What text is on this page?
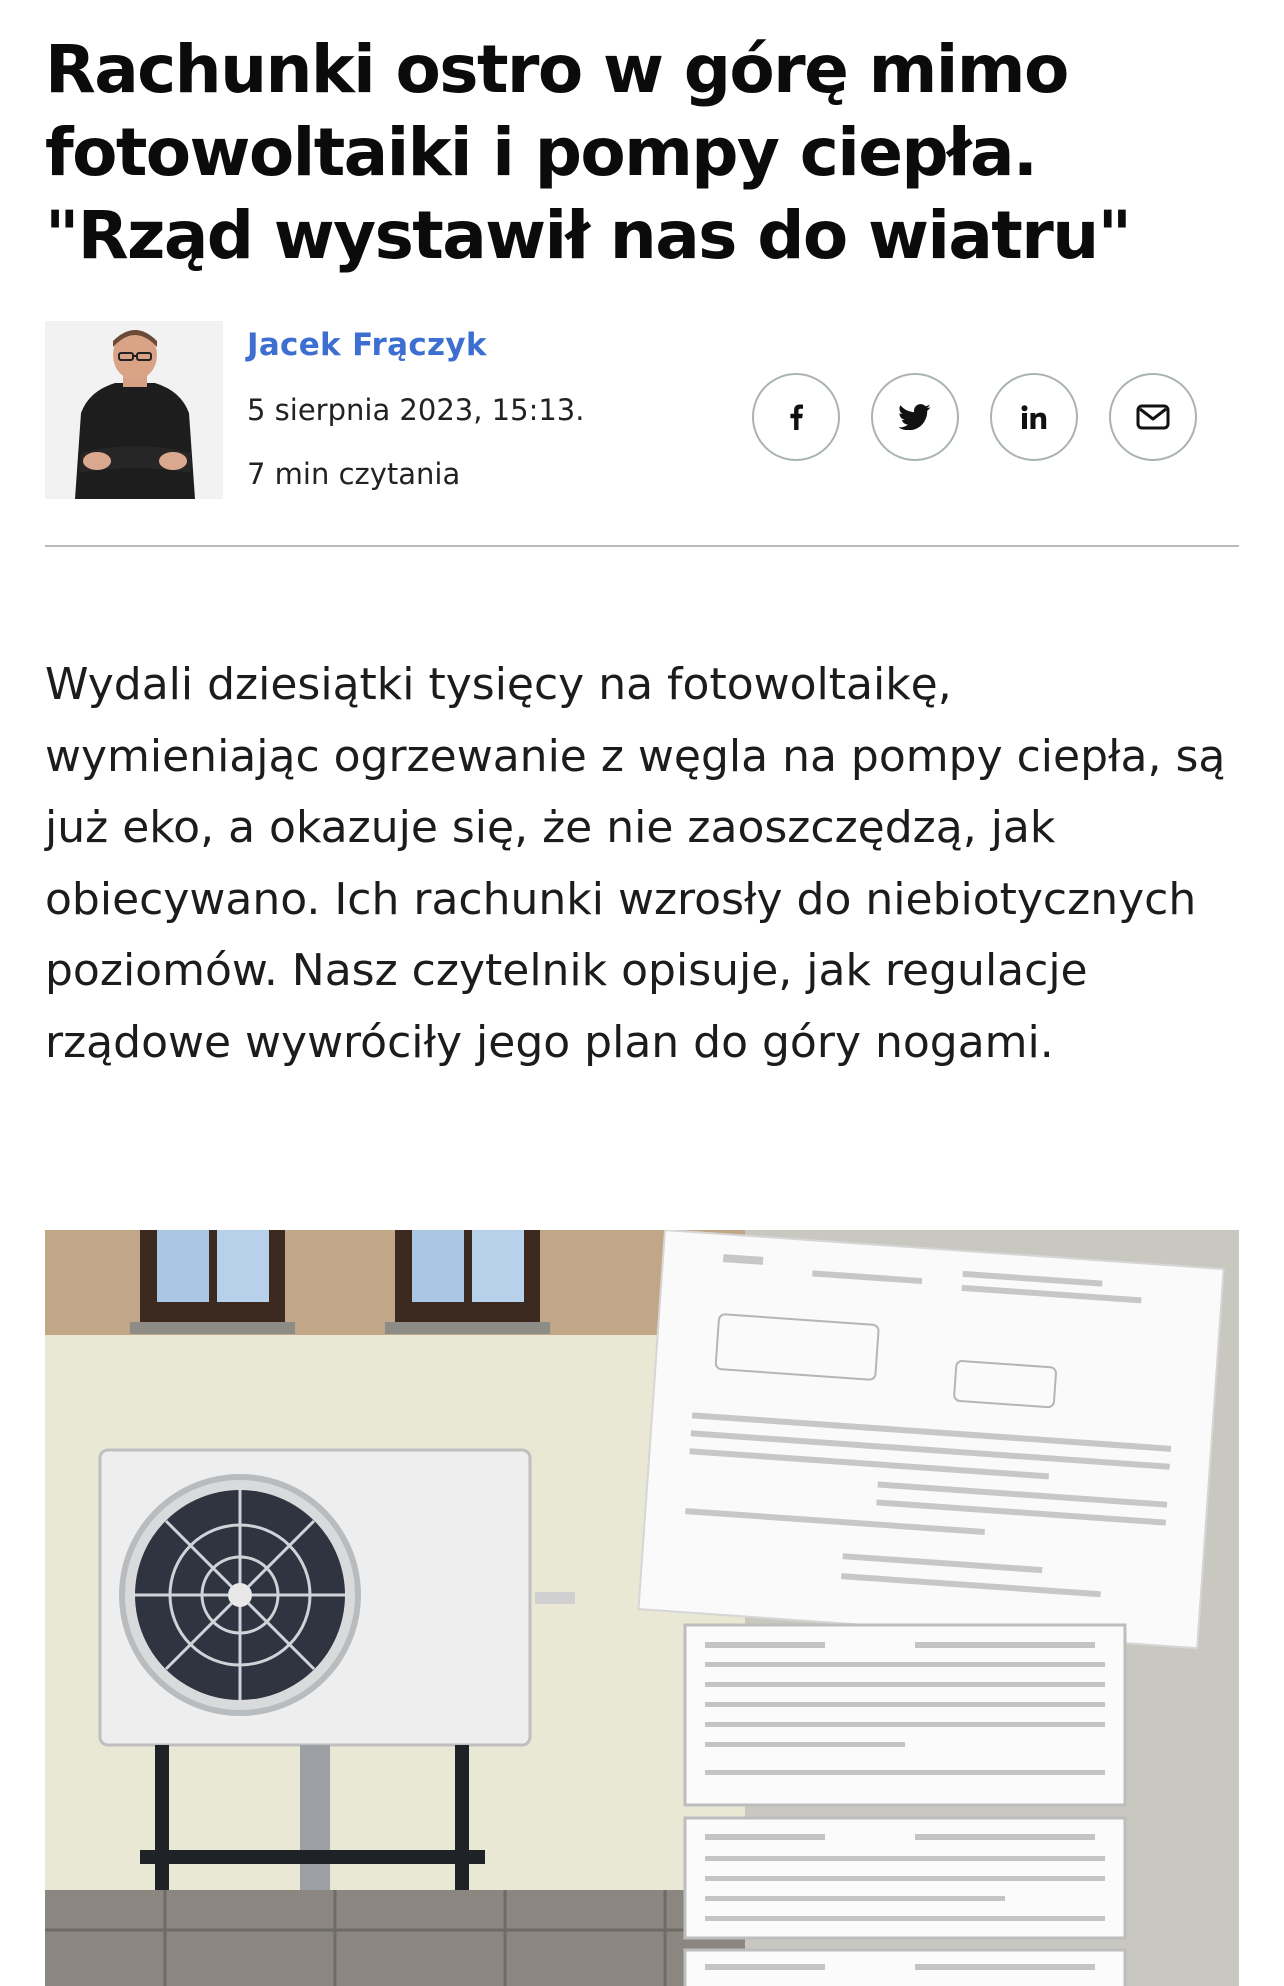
Rachunki ostro w górę mimo fotowoltaiki i pompy ciepła. "Rząd wystawił nas do wiatru"
Jacek Frączyk
5 sierpnia 2023, 15:13.
7 min czytania

Wydali dziesiątki tysięcy na fotowoltaikę, wymieniając ogrzewanie z węgla na pompy ciepła, są już eko, a okazuje się, że nie zaoszczędzą, jak obiecywano. Ich rachunki wzrosły do niebiotycznych poziomów. Nasz czytelnik opisuje, jak regulacje rządowe wywróciły jego plan do góry nogami.
